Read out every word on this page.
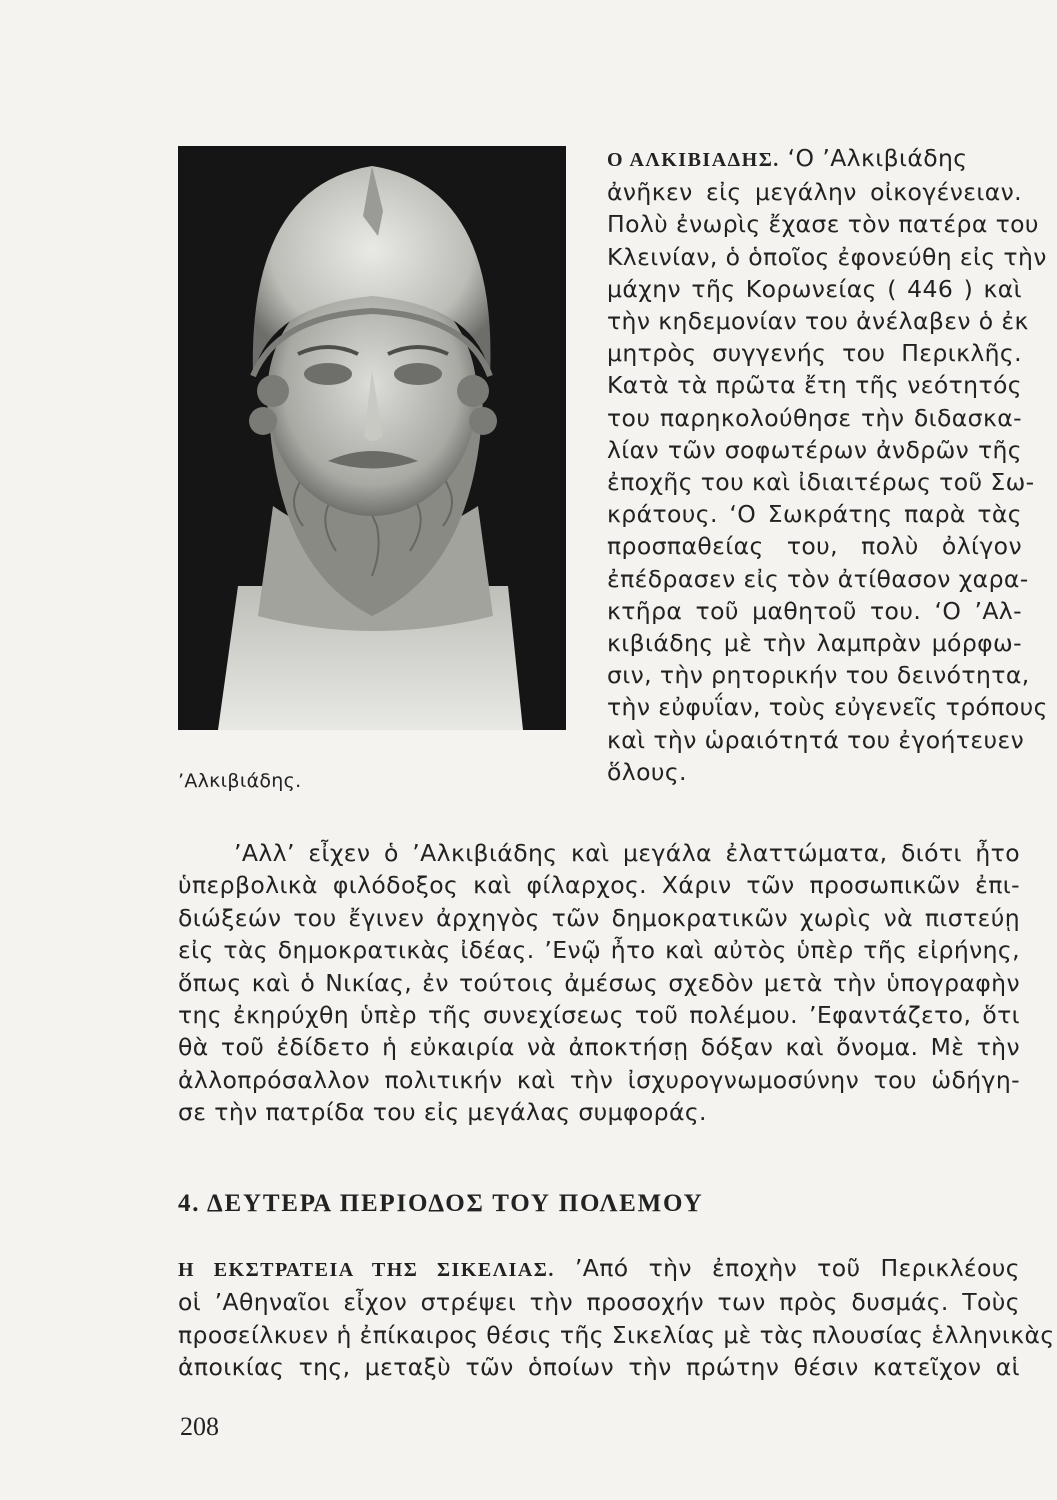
’Αλκιβιάδης.
Ο ΑΛΚΙΒΙΑΔΗΣ. ‘Ο ’Αλκιβιάδης
ἀνῆκεν εἰς μεγάλην οἰκογένειαν.
Πολὺ ἐνωρὶς ἔχασε τὸν πατέρα του
Κλεινίαν, ὁ ὁποῖος ἐφονεύθη εἰς τὴν
μάχην τῆς Κορωνείας ( 446 ) καὶ
τὴν κηδεμονίαν του ἀνέλαβεν ὁ ἐκ
μητρὸς συγγενής του Περικλῆς.
Κατὰ τὰ πρῶτα ἔτη τῆς νεότητός
του παρηκολούθησε τὴν διδασκα-
λίαν τῶν σοφωτέρων ἀνδρῶν τῆς
ἐποχῆς του καὶ ἰδιαιτέρως τοῦ Σω-
κράτους. ‘Ο Σωκράτης παρὰ τὰς
προσπαθείας του, πολὺ ὀλίγον
ἐπέδρασεν εἰς τὸν ἀτίθασον χαρα-
κτῆρα τοῦ μαθητοῦ του. ‘Ο ’Αλ-
κιβιάδης μὲ τὴν λαμπρὰν μόρφω-
σιν, τὴν ρητορικήν του δεινότητα,
τὴν εὐφυΐαν, τοὺς εὐγενεῖς τρόπους
καὶ τὴν ὡραιότητά του ἐγοήτευεν
ὅλους.
’Αλλ’ εἶχεν ὁ ’Αλκιβιάδης καὶ μεγάλα ἐλαττώματα, διότι ἦτο
ὑπερβολικὰ φιλόδοξος καὶ φίλαρχος. Χάριν τῶν προσωπικῶν ἐπι-
διώξεών του ἔγινεν ἀρχηγὸς τῶν δημοκρατικῶν χωρὶς νὰ πιστεύῃ
εἰς τὰς δημοκρατικὰς ἰδέας. ’Ενῷ ἦτο καὶ αὐτὸς ὑπὲρ τῆς εἰρήνης,
ὅπως καὶ ὁ Νικίας, ἐν τούτοις ἀμέσως σχεδὸν μετὰ τὴν ὑπογραφὴν
της ἐκηρύχθη ὑπὲρ τῆς συνεχίσεως τοῦ πολέμου. ’Εφαντάζετο, ὅτι
θὰ τοῦ ἐδίδετο ἡ εὐκαιρία νὰ ἀποκτήσῃ δόξαν καὶ ὄνομα. Μὲ τὴν
ἀλλοπρόσαλλον πολιτικήν καὶ τὴν ἰσχυρογνωμοσύνην του ὡδήγη-
σε τὴν πατρίδα του εἰς μεγάλας συμφοράς.
4. ΔΕΥΤΕΡΑ ΠΕΡΙΟΔΟΣ ΤΟΥ ΠΟΛΕΜΟΥ
Η ΕΚΣΤΡΑΤΕΙΑ ΤΗΣ ΣΙΚΕΛΙΑΣ. ’Από τὴν ἐποχὴν τοῦ Περικλέους
οἱ ’Αθηναῖοι εἶχον στρέψει τὴν προσοχήν των πρὸς δυσμάς. Τοὺς
προσείλκυεν ἡ ἐπίκαιρος θέσις τῆς Σικελίας μὲ τὰς πλουσίας ἑλληνικὰς
ἀποικίας της, μεταξὺ τῶν ὁποίων τὴν πρώτην θέσιν κατεῖχον αἱ
208
